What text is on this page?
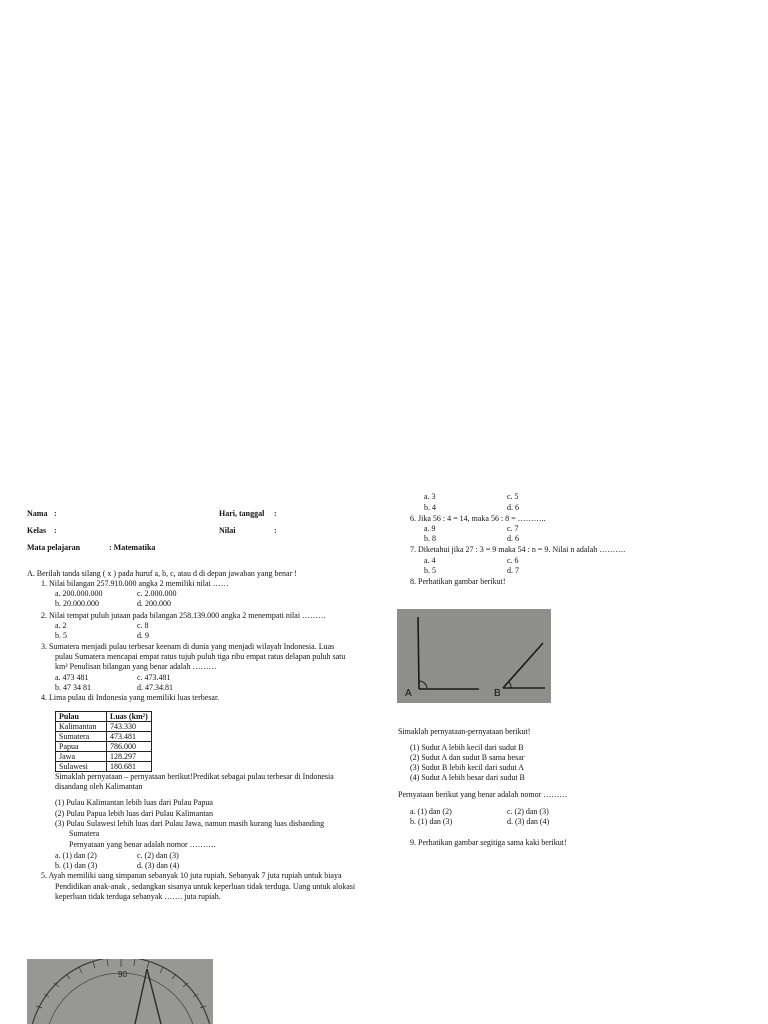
a. 3	c. 5
b. 4	d. 6
6. Jika 56 : 4 = 14, maka 56 : 8 = ………..
a. 9	c. 7
b. 8	d. 6
7. Diketahui jika 27 : 3 = 9 maka 54 : n = 9. Nilai n adalah ……….
a. 4	c. 6
b. 5	d. 7
8. Perhatikan gambar berikut!
A	B
Simaklah pernyataan-pernyataan berikut!
(1) Sudut A lebih kecil dari sudut B
(2) Sudut A dan sudut B sama besar
(3) Sudut B lebih kecil dari sudut A
(4) Sudut A lebih besar dari sudut B
Pernyataan berikut yang benar adalah nomor ………
a. (1) dan (2)	c. (2) dan (3)
b. (1) dan (3)	d. (3) dan (4)
9. Perhatikan gambar segitiga sama kaki berikut!
Nama :	Hari, tanggal :
Kelas :	Nilai	:
Mata pelajaran	: Matematika
A. Berilah tanda silang ( x ) pada huruf a, b, c, atau d di depan jawaban yang benar !
1. Nilai bilangan 257.910.000 angka 2 memiliki nilai ……
a. 200.000.000	c. 2.000.000
b. 20.000.000	d. 200.000
2. Nilai tempat puluh jutaan pada bilangan 258.139.000 angka 2 menempati nilai ………
a. 2	c. 8
b. 5	d. 9
3. Sumatera menjadi pulau terbesar keenam di dunia yang menjadi wilayah Indonesia. Luas
pulau Sumatera mencapai empat ratus tujuh puluh tiga ribu empat ratus delapan puluh satu
km² Penulisan bilangan yang benar adalah ………
a. 473 481	c. 473.481
b. 47 34 81	d. 47.34.81
4. Lima pulau di Indonesia yang memiliki luas terbesar.
Pulau	Luas (km²)
Kalimantan	743.330
Sumatera	473.481
Papua	786.000
Jawa	128.297
Sulawesi	180.681
Simaklah pernyataan – pernyataan berikut!Predikat sebagai pulau terbesar di Indonesia
disandang oleh Kalimantan
(1) Pulau Kalimantan lebih luas dari Pulau Papua
(2) Pulau Papua lebih luas dari Pulau Kalimantan
(3) Pulau Sulawesi lebih luas dari Pulau Jawa, namun masih kurang luas disbanding
Sumatera
Pernyataan yang benar adalah nomor ……….
a. (1) dan (2)	c. (2) dan (3)
b. (1) dan (3)	d. (3) dan (4)
5. Ayah memiliki uang simpanan sebanyak 10 juta rupiah. Sebanyak 7 juta rupiah untuk biaya
Pendidikan anak-anak , sedangkan sisanya untuk keperluan tidak terduga. Uang untuk alokasi
keperluan tidak terduga sebanyak ……. juta rupiah.
90
